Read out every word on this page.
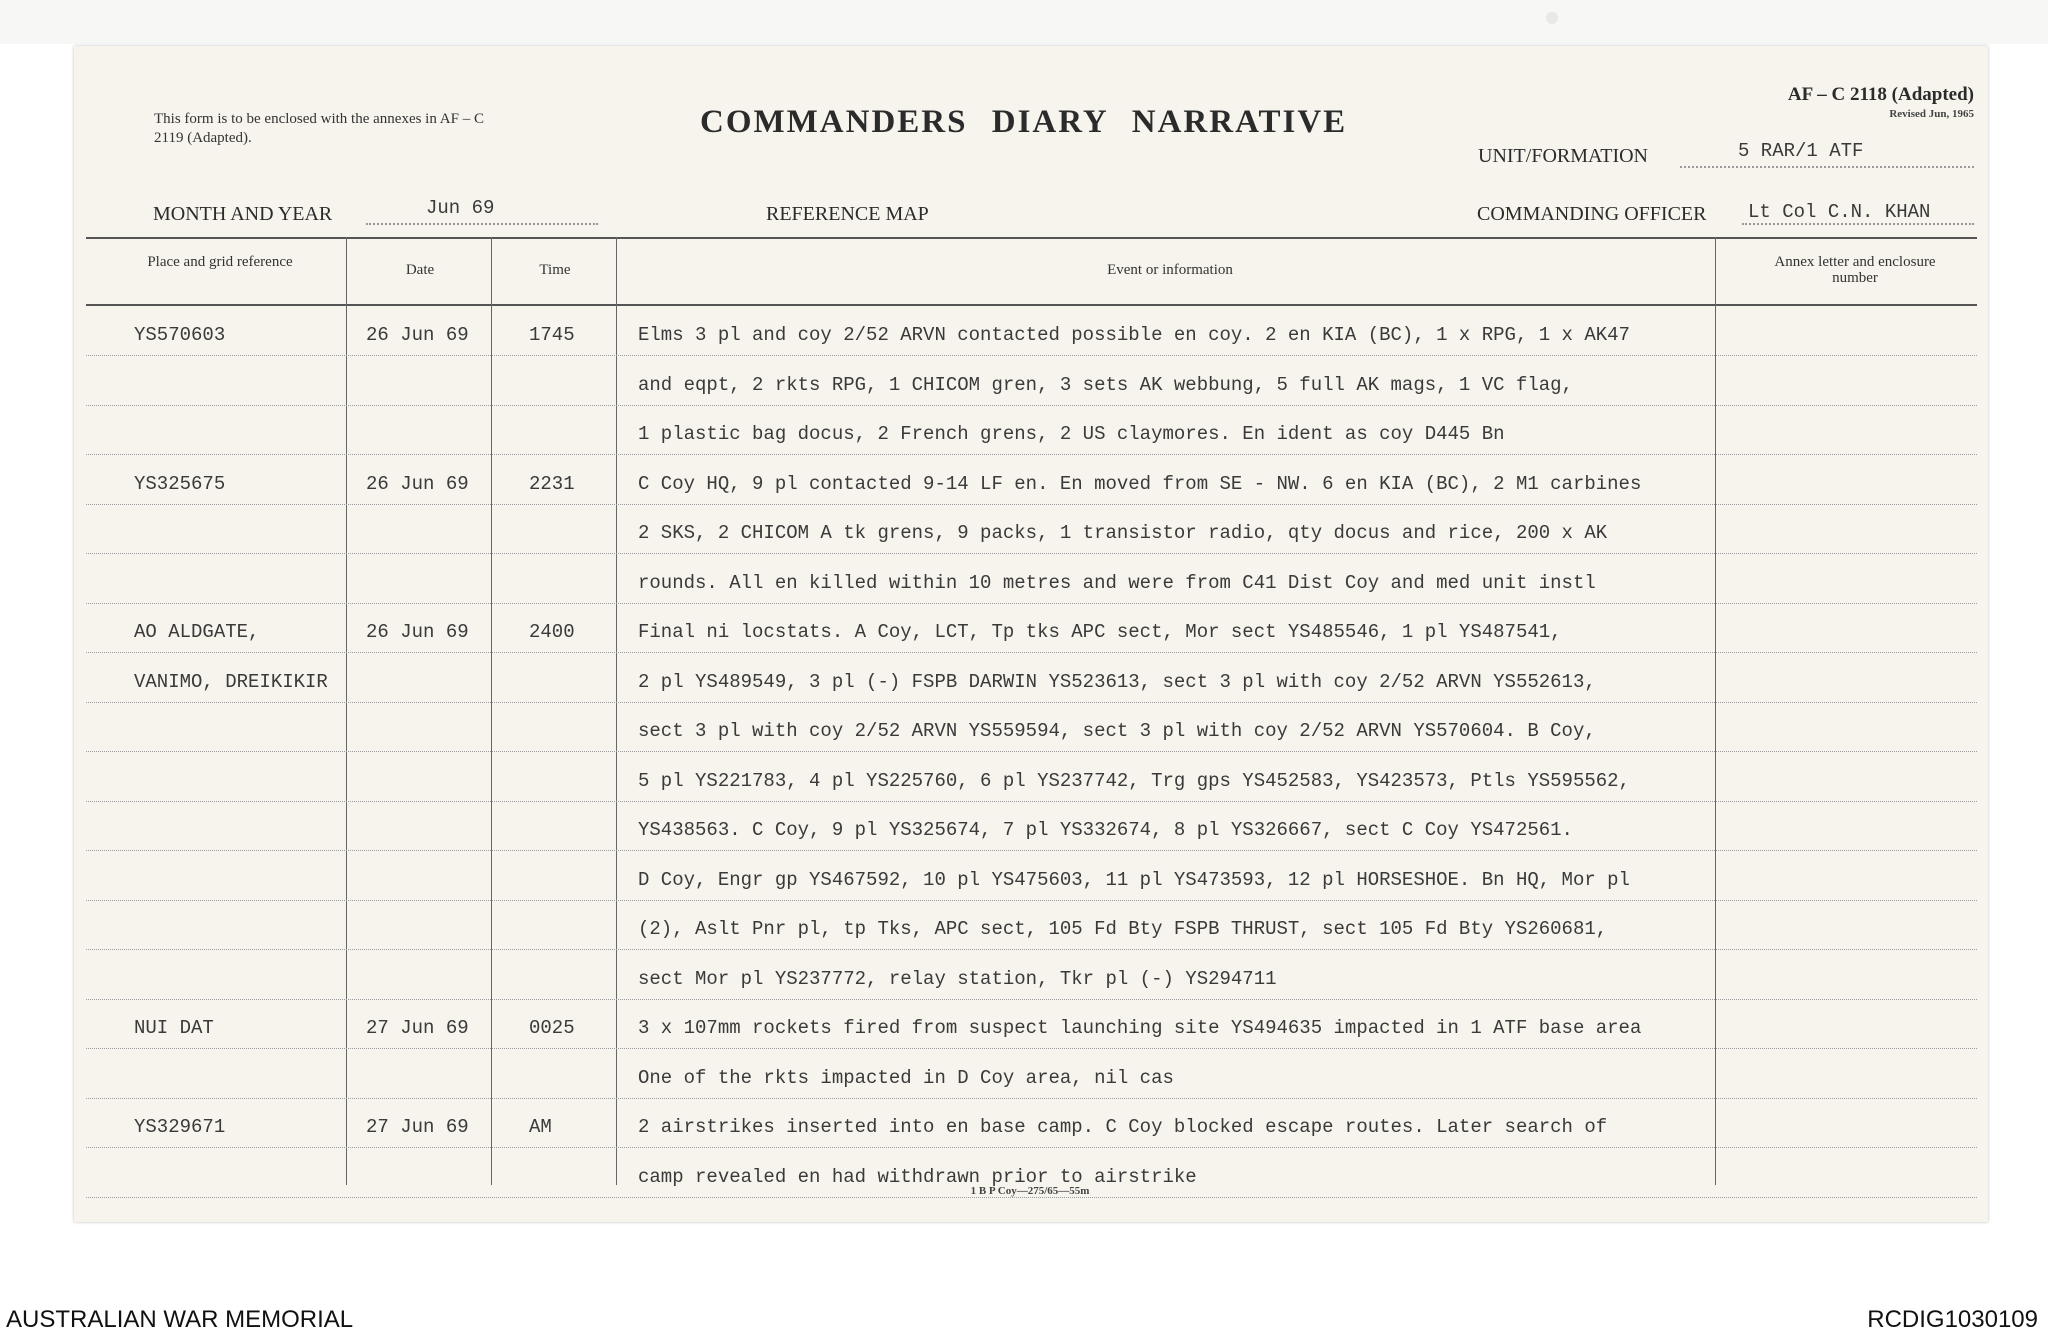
This form is to be enclosed with the annexes in AF – C 2119 (Adapted).	COMMANDERS DIARY NARRATIVE
AF – C 2118 (Adapted)
Revised Jun, 1965
UNIT/FORMATION	5 RAR/1 ATF
MONTH AND YEAR	Jun 69	REFERENCE MAP	COMMANDING OFFICER Lt Col C.N. KHAN
Place and grid reference	Date	Time	Event or information	Annex letter and enclosure number
YS570603	26 Jun 69	1745	Elms 3 pl and coy 2/52 ARVN contacted possible en coy. 2 en KIA (BC), 1 x RPG, 1 x AK47
and eqpt, 2 rkts RPG, 1 CHICOM gren, 3 sets AK webbung, 5 full AK mags, 1 VC flag,
1 plastic bag docus, 2 French grens, 2 US claymores. En ident as coy D445 Bn
YS325675	26 Jun 69	2231	C Coy HQ, 9 pl contacted 9-14 LF en. En moved from SE - NW. 6 en KIA (BC), 2 M1 carbines
2 SKS, 2 CHICOM A tk grens, 9 packs, 1 transistor radio, qty docus and rice, 200 x AK
rounds. All en killed within 10 metres and were from C41 Dist Coy and med unit instl
AO ALDGATE,	26 Jun 69	2400	Final ni locstats. A Coy, LCT, Tp tks APC sect, Mor sect YS485546, 1 pl YS487541,
VANIMO, DREIKIKIR	2 pl YS489549, 3 pl (-) FSPB DARWIN YS523613, sect 3 pl with coy 2/52 ARVN YS552613,
sect 3 pl with coy 2/52 ARVN YS559594, sect 3 pl with coy 2/52 ARVN YS570604. B Coy,
5 pl YS221783, 4 pl YS225760, 6 pl YS237742, Trg gps YS452583, YS423573, Ptls YS595562,
YS438563. C Coy, 9 pl YS325674, 7 pl YS332674, 8 pl YS326667, sect C Coy YS472561.
D Coy, Engr gp YS467592, 10 pl YS475603, 11 pl YS473593, 12 pl HORSESHOE. Bn HQ, Mor pl
(2), Aslt Pnr pl, tp Tks, APC sect, 105 Fd Bty FSPB THRUST, sect 105 Fd Bty YS260681,
sect Mor pl YS237772, relay station, Tkr pl (-) YS294711
NUI DAT	27 Jun 69	0025	3 x 107mm rockets fired from suspect launching site YS494635 impacted in 1 ATF base area
One of the rkts impacted in D Coy area, nil cas
YS329671	27 Jun 69	AM	2 airstrikes inserted into en base camp. C Coy blocked escape routes. Later search of
camp revealed en had withdrawn prior to airstrike
1 B P Coy—275/65—55m
AUSTRALIAN WAR MEMORIAL	RCDIG1030109
